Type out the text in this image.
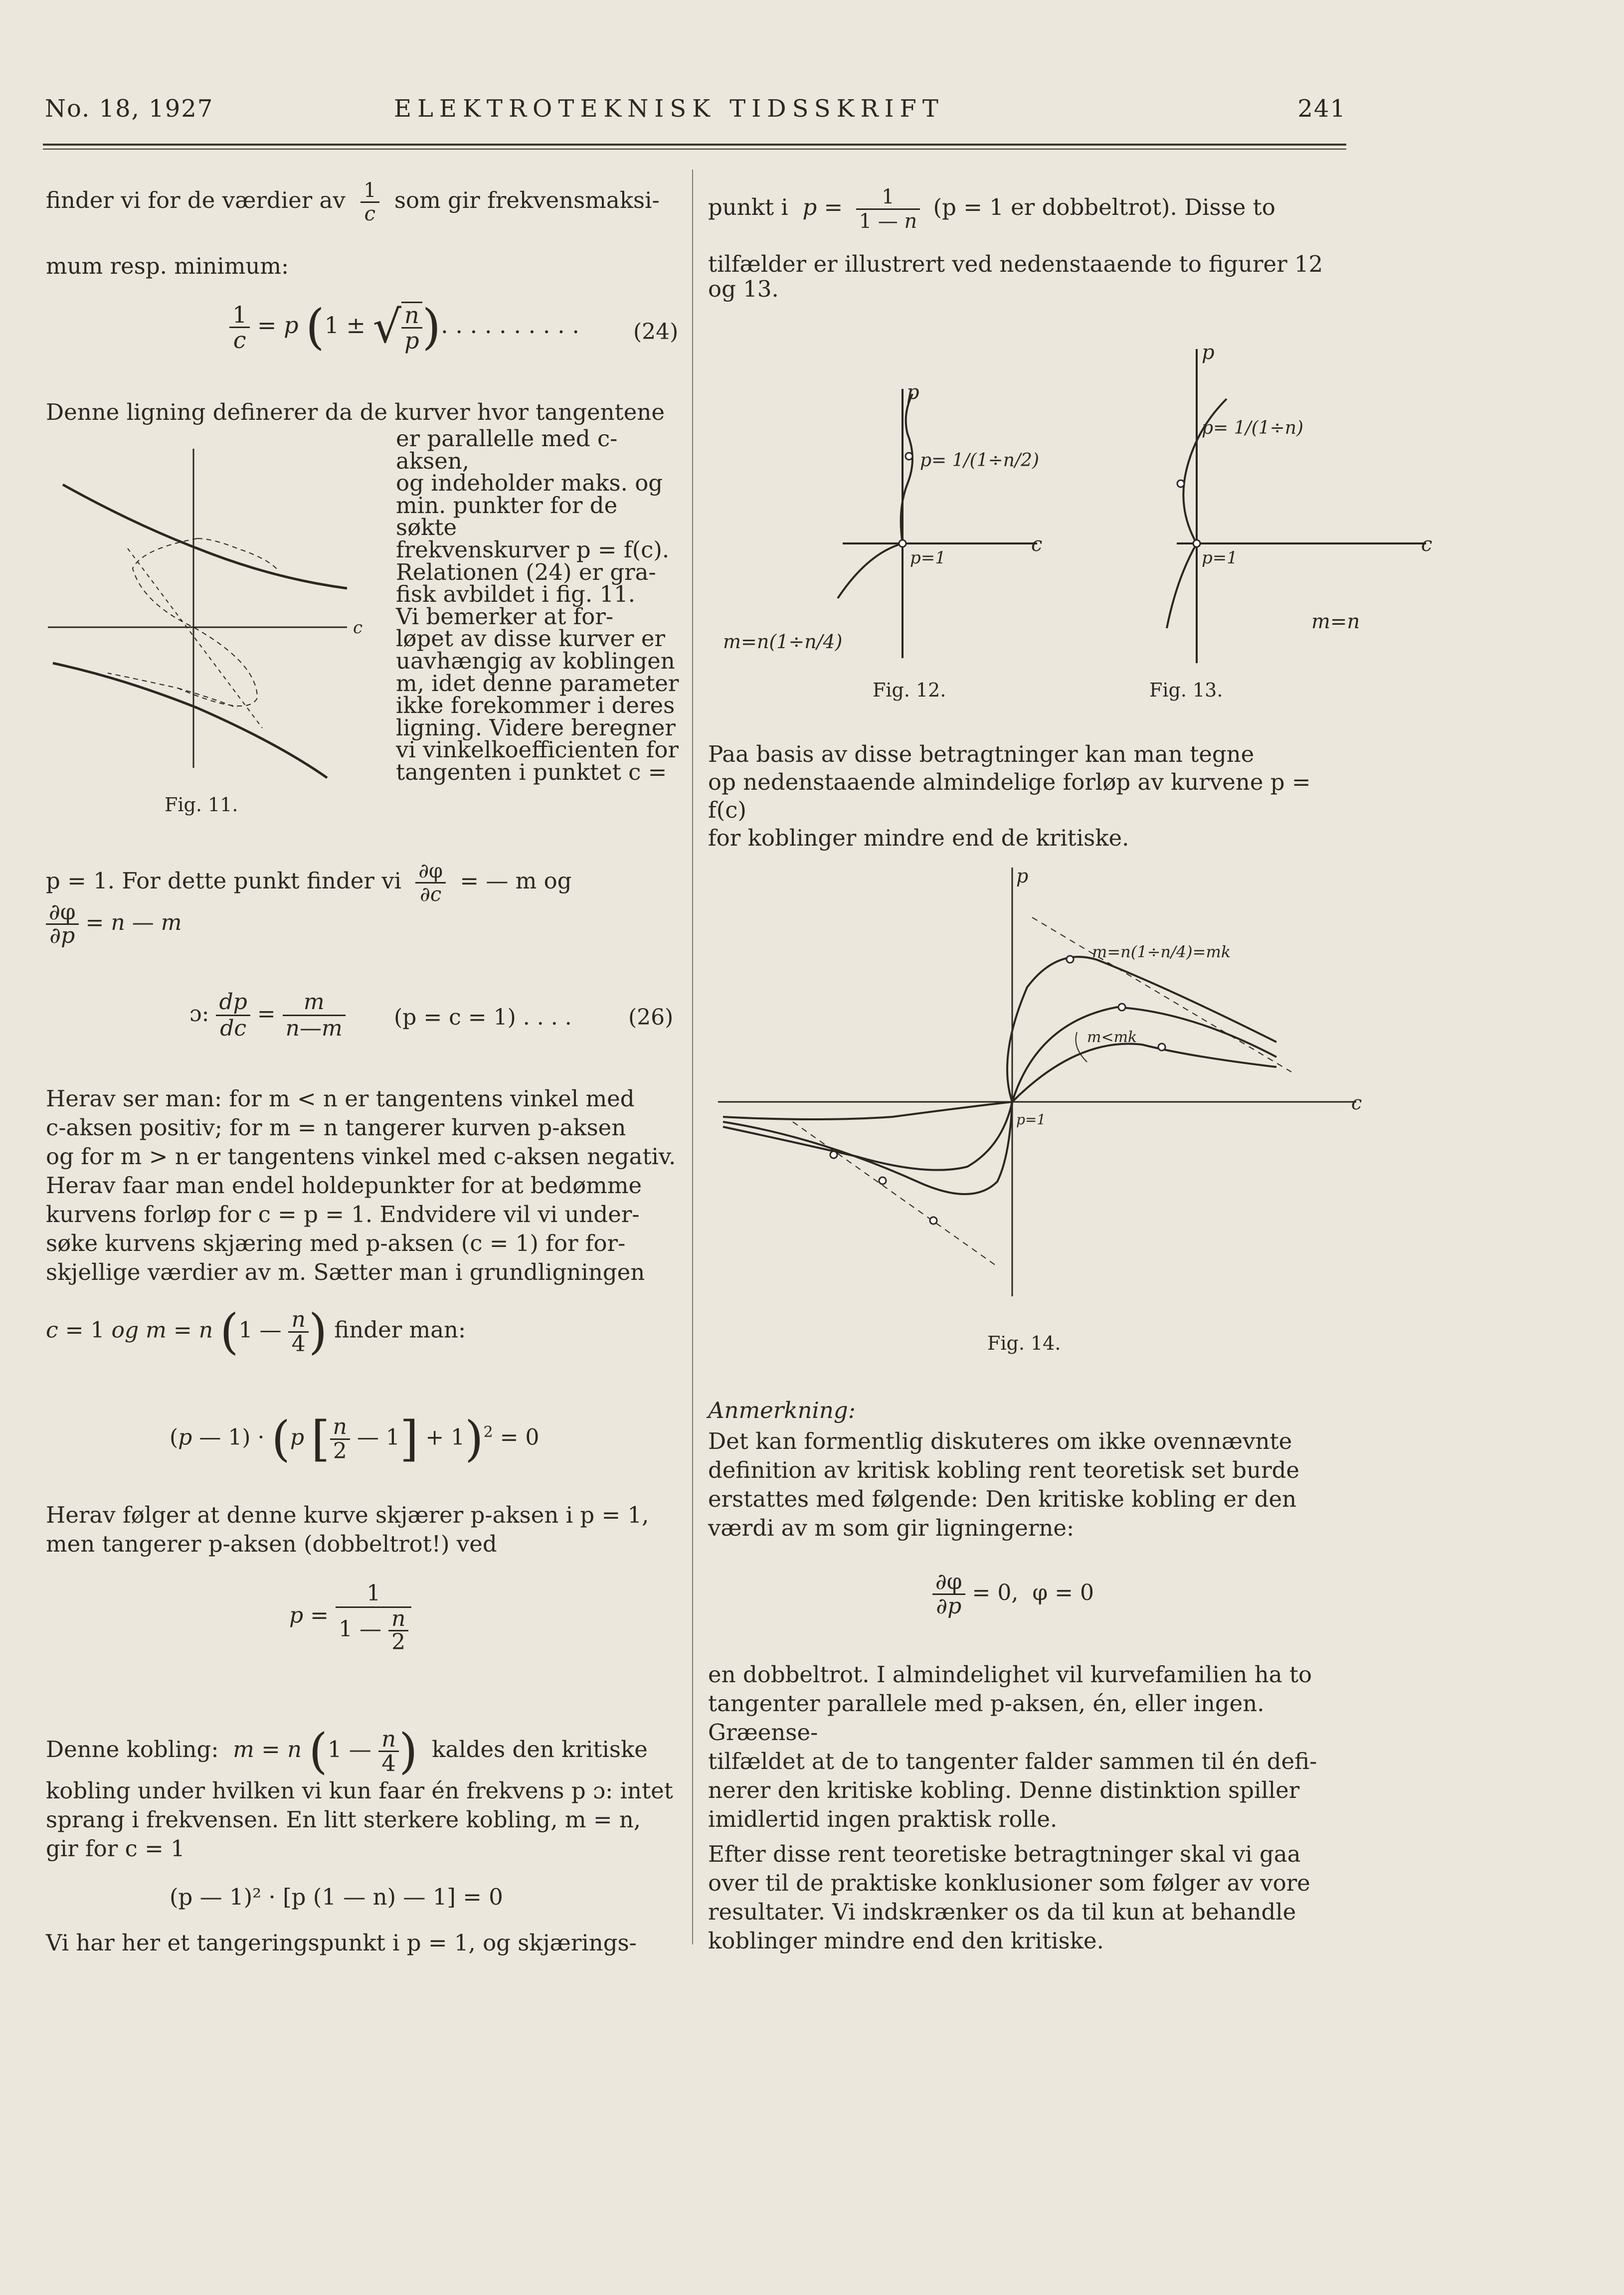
No. 18, 1927	ELEKTROTEKNISK TIDSSKRIFT	241
finder vi for de værdier av $\frac{1}{c}$ som gir frekvensmaksi-
mum resp. minimum:
$\frac{1}{c} = p$ (1 ± √ $\frac{n}{p}$ ). . . . . . . . . . (24)
Denne ligning definerer da de kurver hvor tangentene
er parallelle med c-aksen,
og indeholder maks. og
min. punkter for de søkte
frekvenskurver p = f(c).
Relationen (24) er gra-
fisk avbildet i fig. 11.
Vi bemerker at for-
løpet av disse kurver er
uavhængig av koblingen
m, idet denne parameter
ikke forekommer i deres
ligning. Videre beregner
vi vinkelkoefficienten for
tangenten i punktet c =
c
Fig. 11.
p = 1. For dette punkt finder vi $\frac{\partial\varphi}{\partial c}$ = — m og
$\frac{\partial\varphi}{\partial p} = n$ — m
ɔ: $\frac{dp}{dc} = \frac{m}{n—m} (p = c = 1)$ . . . .	(26)
Herav ser man: for m < n er tangentens vinkel med
c-aksen positiv; for m = n tangerer kurven p-aksen
og for m > n er tangentens vinkel med c-aksen negativ.
Herav faar man endel holdepunkter for at bedømme
kurvens forløp for c = p = 1. Endvidere vil vi under-
søke kurvens skjæring med p-aksen (c = 1) for for-
skjellige værdier av m. Sætter man i grundligningen
c = 1 og m = n (1 — $\frac{n}{4}$ ) finder man:
(p — 1) · (p [ $\frac{n}{2}$ — 1] + 1)$^2$ = 0
Herav følger at denne kurve skjærer p-aksen i p = 1,
men tangerer p-aksen (dobbeltrot!) ved
$p = \frac{1}{1 — \frac{n}{2}}$
Denne kobling: m = n (1 — $\frac{n}{4}$ ) kaldes den kritiske
kobling under hvilken vi kun faar én frekvens p ɔ: intet
sprang i frekvensen. En litt sterkere kobling, m = n,
gir for c = 1
(p — 1)² · [p (1 — n) — 1] = 0
Vi har her et tangeringspunkt i p = 1, og skjærings-
punkt i $p = \frac{1}{1 — n} (p = 1$ er dobbeltrot). Disse to
tilfælder er illustrert ved nedenstaaende to figurer 12
og 13.
p
c
p=1
p= 1/(1÷n/2)
m=n(1÷n/4)
Fig. 12.
p
c
p=1
p= 1/(1÷n)
m=n
Fig. 13.
Paa basis av disse betragtninger kan man tegne
op nedenstaaende almindelige forløp av kurvene p = f(c)
for koblinger mindre end de kritiske.
p
c
p=1
m=n(1÷n/4)=mk
m<mk
Fig. 14.
Anmerkning:
Det kan formentlig diskuteres om ikke ovennævnte
definition av kritisk kobling rent teoretisk set burde
erstattes med følgende: Den kritiske kobling er den
værdi av m som gir ligningerne:
$\frac{\partial\varphi}{\partial p} = 0$,  φ = 0
en dobbeltrot. I almindelighet vil kurvefamilien ha to
tangenter parallele med p-aksen, én, eller ingen. Græense-
tilfældet at de to tangenter falder sammen til én defi-
nerer den kritiske kobling. Denne distinktion spiller
imidlertid ingen praktisk rolle.
Efter disse rent teoretiske betragtninger skal vi gaa
over til de praktiske konklusioner som følger av vore
resultater. Vi indskrænker os da til kun at behandle
koblinger mindre end den kritiske.
